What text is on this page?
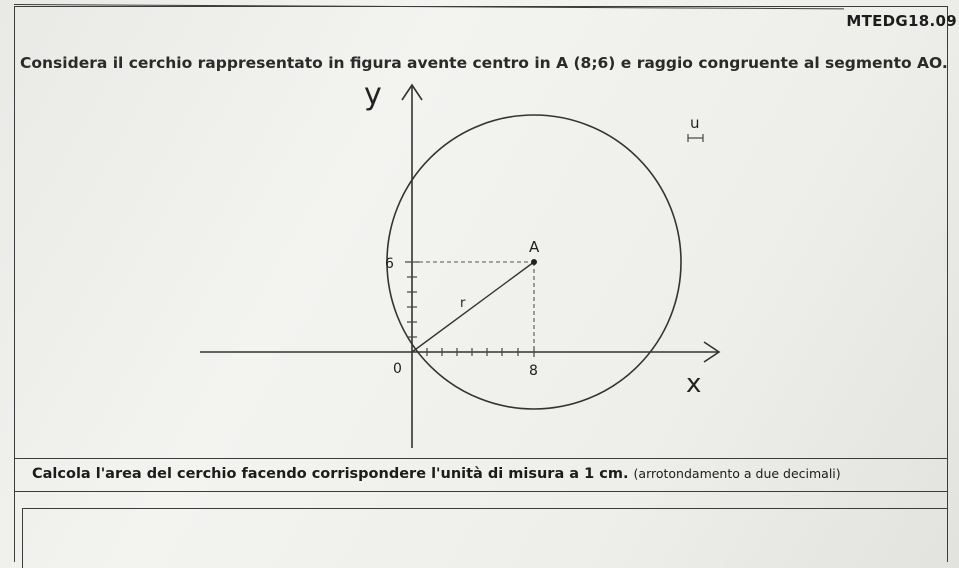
MTEDG18.09
Considera il cerchio rappresentato in figura avente centro in A (8;6) e raggio congruente al segmento AO.
y
x
u
0
6
8
A
r
Calcola l'area del cerchio facendo corrispondere l'unità di misura a 1 cm. (arrotondamento a due decimali)
